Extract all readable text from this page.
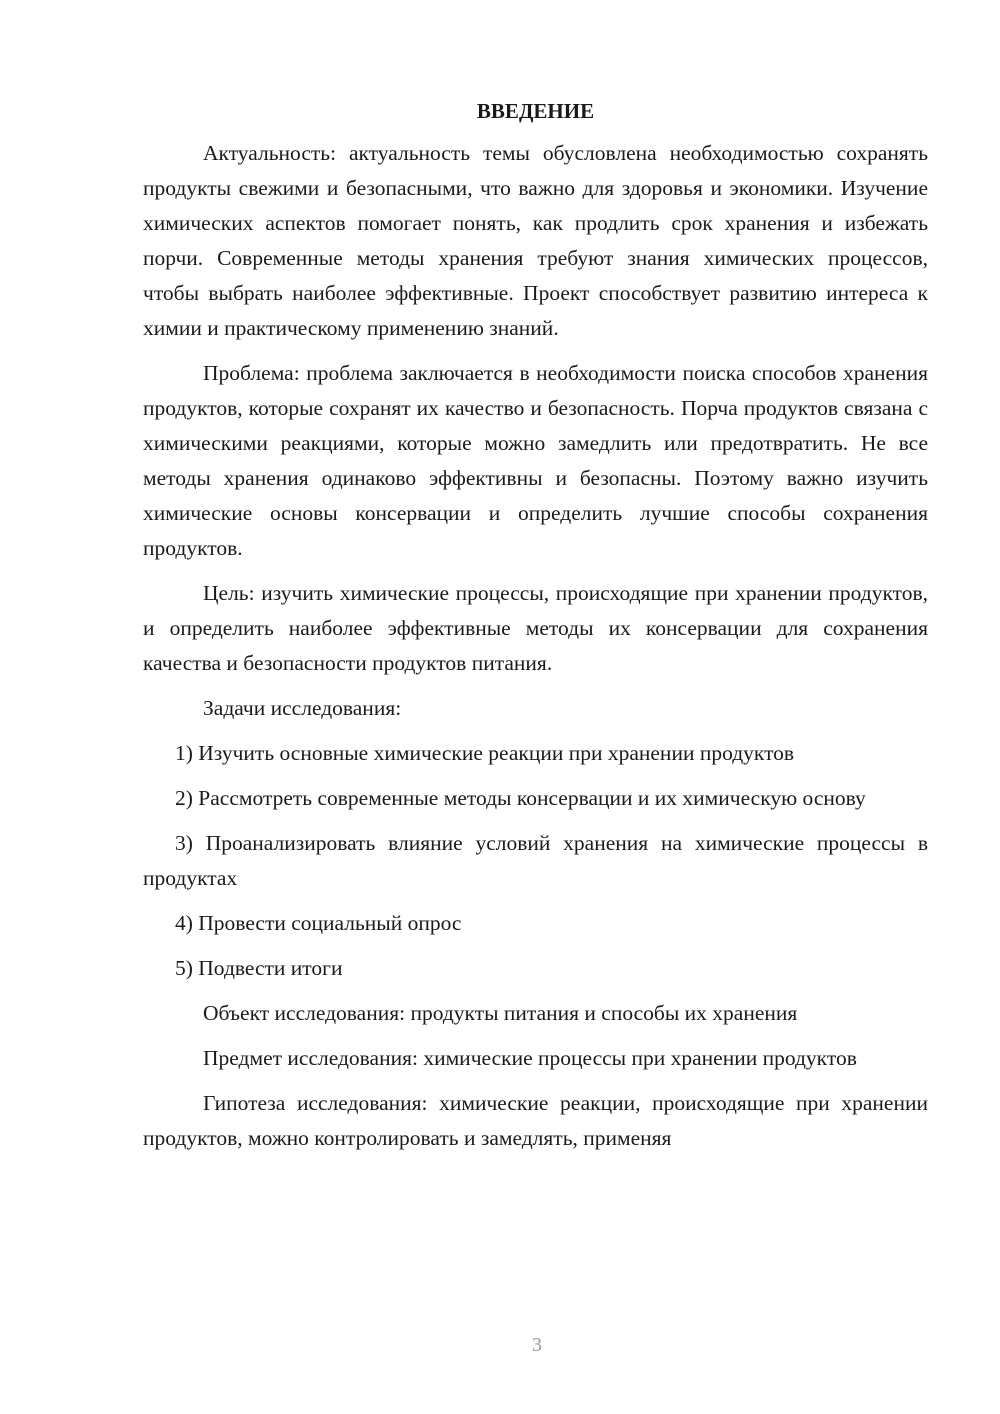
ВВЕДЕНИЕ

Актуальность: актуальность темы обусловлена необходимостью сохранять продукты свежими и безопасными, что важно для здоровья и экономики. Изучение химических аспектов помогает понять, как продлить срок хранения и избежать порчи. Современные методы хранения требуют знания химических процессов, чтобы выбрать наиболее эффективные. Проект способствует развитию интереса к химии и практическому применению знаний.

Проблема: проблема заключается в необходимости поиска способов хранения продуктов, которые сохранят их качество и безопасность. Порча продуктов связана с химическими реакциями, которые можно замедлить или предотвратить. Не все методы хранения одинаково эффективны и безопасны. Поэтому важно изучить химические основы консервации и определить лучшие способы сохранения продуктов.

Цель: изучить химические процессы, происходящие при хранении продуктов, и определить наиболее эффективные методы их консервации для сохранения качества и безопасности продуктов питания.

Задачи исследования:

1) Изучить основные химические реакции при хранении продуктов

2) Рассмотреть современные методы консервации и их химическую основу

3) Проанализировать влияние условий хранения на химические процессы в продуктах

4) Провести социальный опрос

5) Подвести итоги

Объект исследования: продукты питания и способы их хранения

Предмет исследования: химические процессы при хранении продуктов

Гипотеза исследования: химические реакции, происходящие при хранении продуктов, можно контролировать и замедлять, применяя

3
